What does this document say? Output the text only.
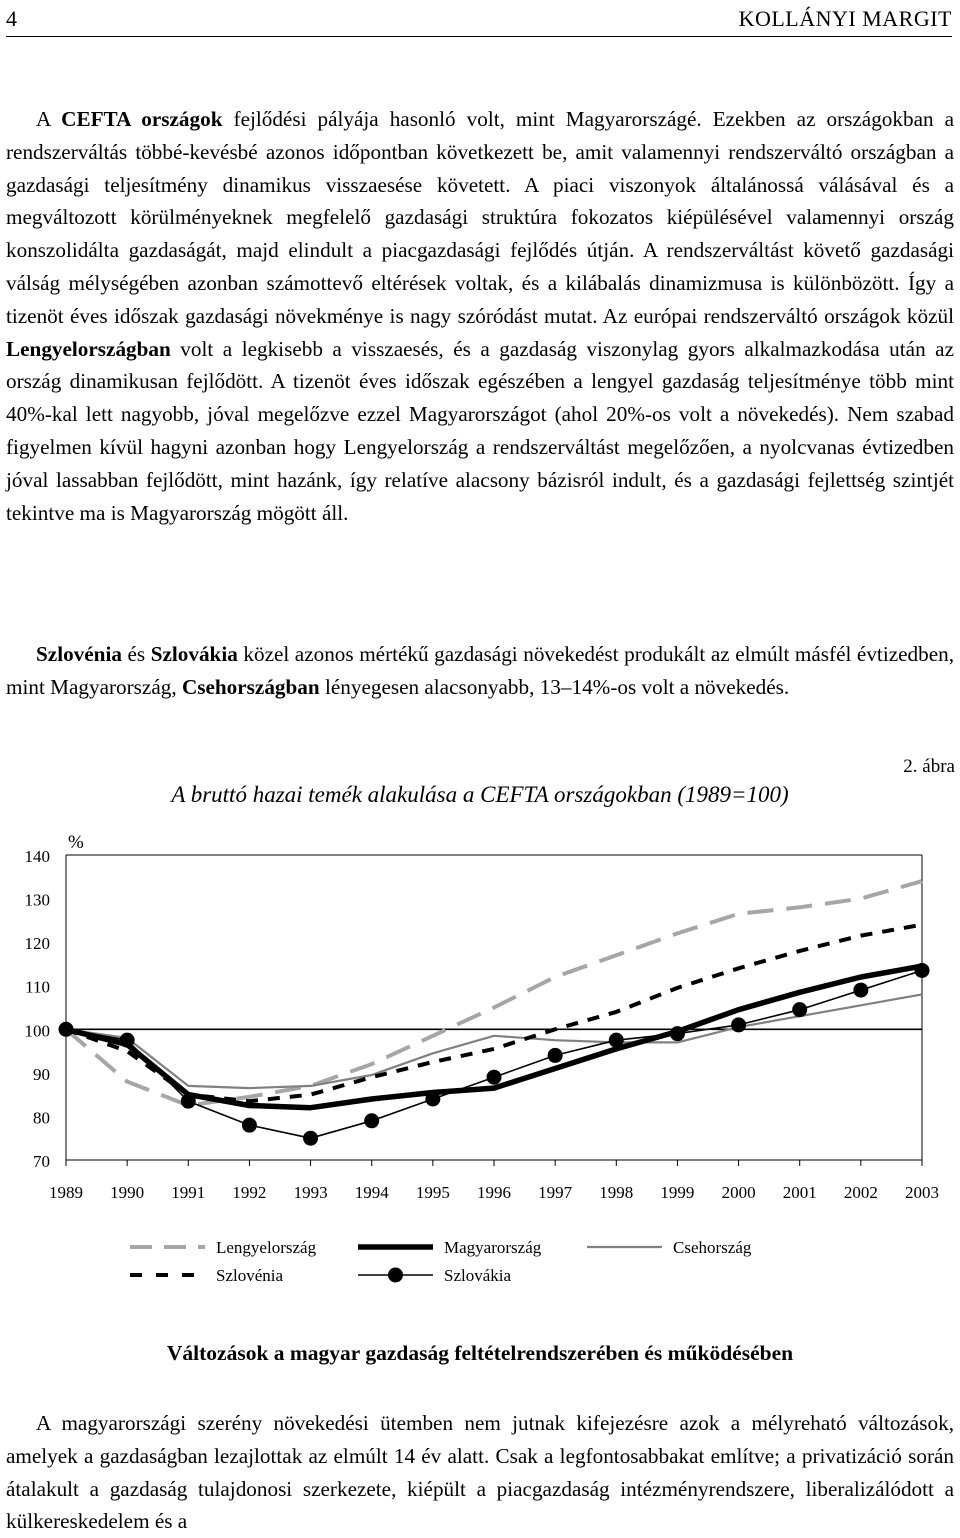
4	KOLLÁNYI MARGIT

A CEFTA országok fejlődési pályája hasonló volt, mint Magyarországé. Ezekben az országokban a rendszerváltás többé-kevésbé azonos időpontban következett be, amit valamennyi rendszerváltó országban a gazdasági teljesítmény dinamikus visszaesése követett. A piaci viszonyok általánossá válásával és a megváltozott körülményeknek megfelelő gazdasági struktúra fokozatos kiépülésével valamennyi ország konszolidálta gazdaságát, majd elindult a piacgazdasági fejlődés útján. A rendszerváltást követő gazdasági válság mélységében azonban számottevő eltérések voltak, és a kilábalás dinamizmusa is különbözött. Így a tizenöt éves időszak gazdasági növekménye is nagy szóródást mutat. Az európai rendszerváltó országok közül Lengyelországban volt a legkisebb a visszaesés, és a gazdaság viszonylag gyors alkalmazkodása után az ország dinamikusan fejlődött. A tizenöt éves időszak egészében a lengyel gazdaság teljesítménye több mint 40%-kal lett nagyobb, jóval megelőzve ezzel Magyarországot (ahol 20%-os volt a növekedés). Nem szabad figyelmen kívül hagyni azonban hogy Lengyelország a rendszerváltást megelőzően, a nyolcvanas évtizedben jóval lassabban fejlődött, mint hazánk, így relatíve alacsony bázisról indult, és a gazdasági fejlettség szintjét tekintve ma is Magyarország mögött áll.

Szlovénia és Szlovákia közel azonos mértékű gazdasági növekedést produkált az elmúlt másfél évtizedben, mint Magyarország, Csehországban lényegesen alacsonyabb, 13–14%-os volt a növekedés.

2. ábra
A bruttó hazai temék alakulása a CEFTA országokban (1989=100)
%
140
130
120
110
100
90
80
70
1989 1990 1991 1992 1993 1994 1995 1996 1997 1998 1999 2000 2001 2002 2003
Lengyelország	Magyarország	Csehország
Szlovénia	Szlovákia
Változások a magyar gazdaság feltételrendszerében és működésében

A magyarországi szerény növekedési ütemben nem jutnak kifejezésre azok a mélyreható változások, amelyek a gazdaságban lezajlottak az elmúlt 14 év alatt. Csak a legfontosabbakat említve; a privatizáció során átalakult a gazdaság tulajdonosi szerkezete, kiépült a piacgazdaság intézményrendszere, liberalizálódott a külkereskedelem és a
